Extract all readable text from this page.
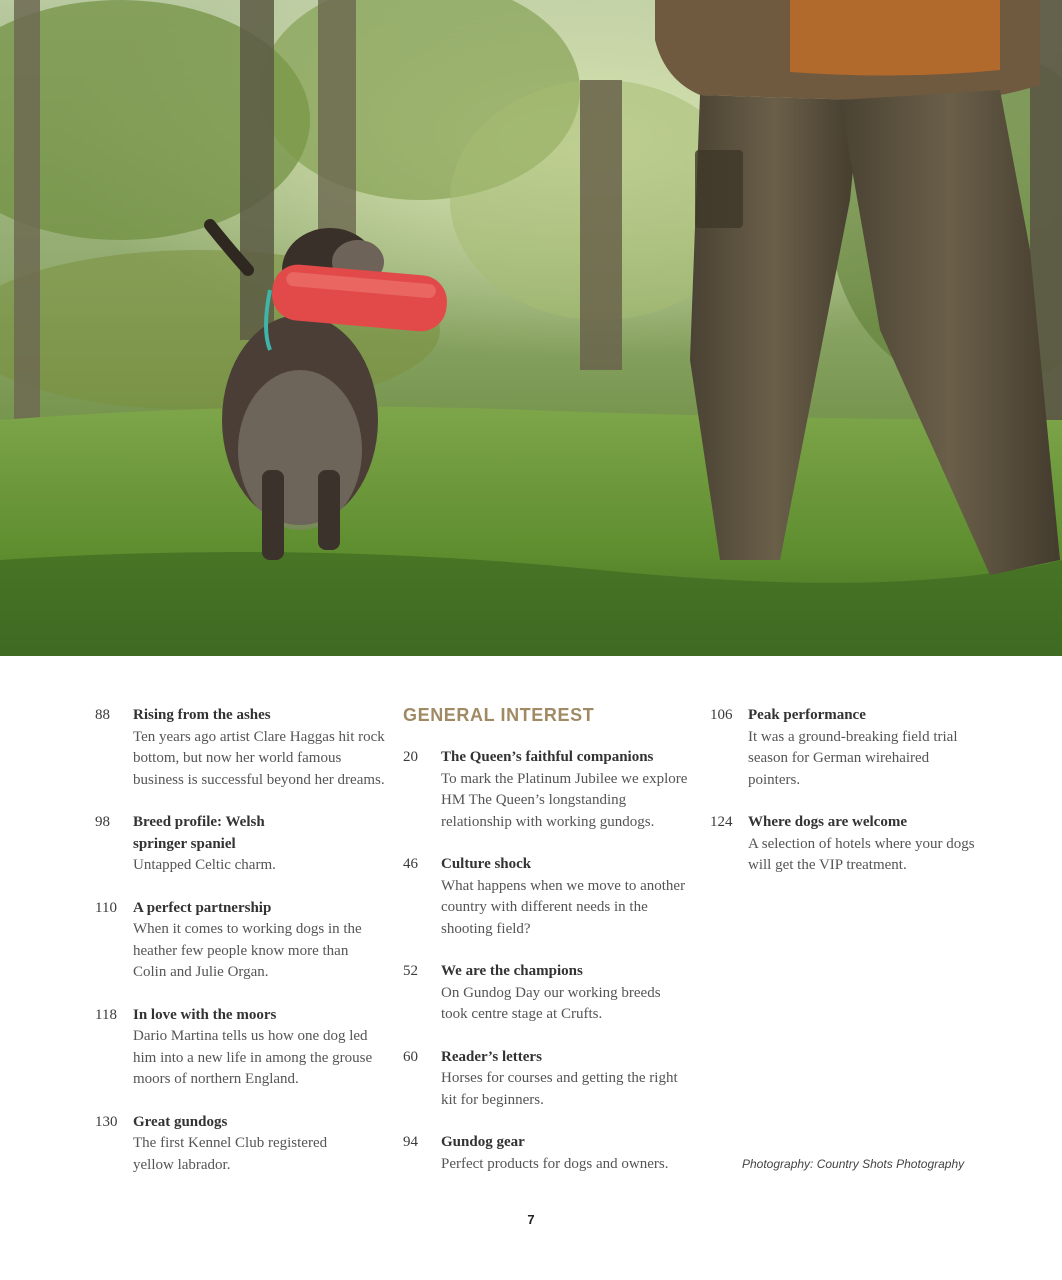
88	Rising from the ashes
Ten years ago artist Clare Haggas hit rock bottom, but now her world famous business is successful beyond her dreams.
98	Breed profile: Welsh springer spaniel
Untapped Celtic charm.
110	A perfect partnership
When it comes to working dogs in the heather few people know more than Colin and Julie Organ.
118	In love with the moors
Dario Martina tells us how one dog led him into a new life in among the grouse moors of northern England.
130	Great gundogs
The first Kennel Club registered yellow labrador.
GENERAL INTEREST
20	The Queen’s faithful companions
To mark the Platinum Jubilee we explore HM The Queen’s longstanding relationship with working gundogs.
46	Culture shock
What happens when we move to another country with different needs in the shooting field?
52	We are the champions
On Gundog Day our working breeds took centre stage at Crufts.
60	Reader’s letters
Horses for courses and getting the right kit for beginners.
94	Gundog gear
Perfect products for dogs and owners.
106	Peak performance
It was a ground-breaking field trial season for German wirehaired pointers.
124	Where dogs are welcome
A selection of hotels where your dogs will get the VIP treatment.
Photography: Country Shots Photography
7
